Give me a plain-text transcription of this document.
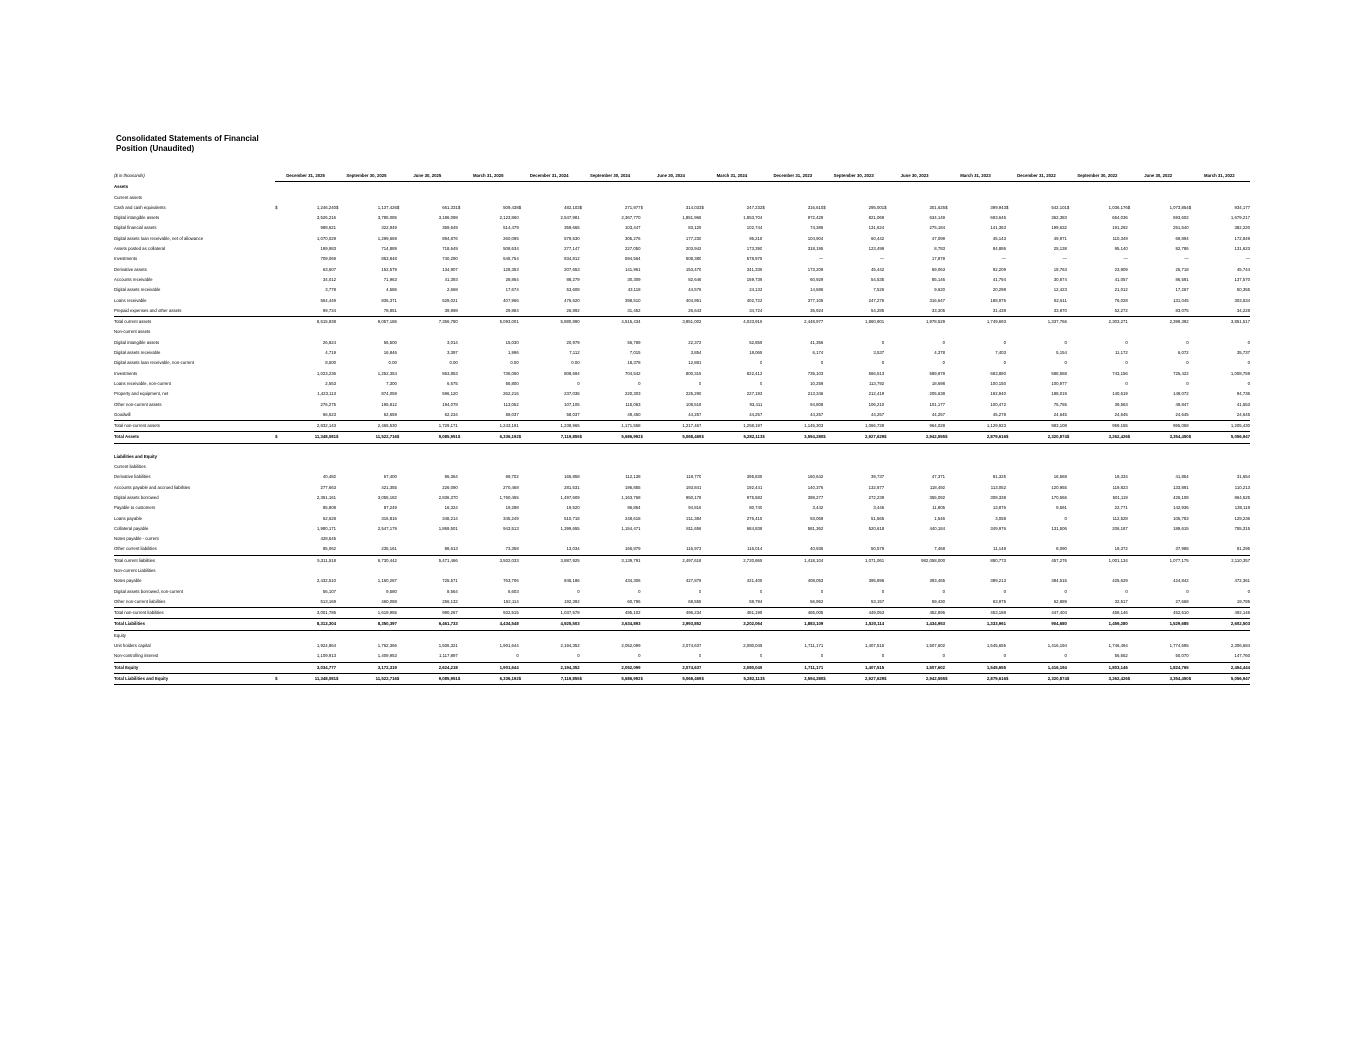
Consolidated Statements of Financial Position (Unaudited)
($ in thousands)	December 31, 2025		September 30, 2025		June 30, 2025		March 31, 2025		December 31, 2024		September 30, 2024		June 30, 2024		March 31, 2024		December 31, 2023		September 30, 2023		June 30, 2023		March 31, 2023		December 31, 2022		September 30, 2022		June 30, 2022		March 31, 2022	
Assets																																
Current assets																																
Cash and cash equivalents	$	1,246,240	$	1,137,426	$	661,331	$	509,438	$	482,103	$	271,977	$	314,033	$	247,232	$	316,610	$	295,001	$	301,625	$	399,943	$	542,101	$	1,036,176	$	1,073,854	$	934,177
Digital intangible assets		3,526,216		3,785,085		3,186,098		2,123,860		2,547,981		2,367,770		1,851,966		1,853,704		972,429		821,069		634,149		693,645		362,383		654,036		693,602		1,679,217
Digital financial assets		988,621		322,949		369,649		514,479		359,665		103,447		83,125		102,744		74,386		131,624		275,184		141,363		199,632		191,292		251,540		382,220
Digital assets loan receivable, net of allowance		1,070,029		1,299,669		894,876		260,095		579,530		305,276		177,230		95,218		104,904		60,442		47,099		45,143		49,971		110,349		69,894		172,849
Assets posted as collateral		199,983		714,889		718,649		508,634		277,147		227,050		203,942		173,390		318,195		123,499		8,783		84,886		25,138		95,140		82,786		131,623
Investments		709,069		853,848		740,290		545,754		834,812		594,564		508,380		578,975		—		—		17,878		—		—		—		—		—
Derivative assets		63,607		152,579		134,907		128,353		207,653		141,961		153,470		341,336		173,209		45,442		69,063		92,209		18,763		23,909		25,718		45,744
Accounts receivable		34,012		71,963		41,393		28,864		88,279		30,309		82,646		169,739		60,929		54,535		85,146		41,794		30,874		41,057		86,591		137,570
Digital assets receivable		3,778		4,586		2,668		17,674		53,608		43,118		44,576		24,132		14,686		7,526		9,620		20,298		12,423		21,012		17,267		50,355
Loans receivable		554,449		835,371		529,021		407,966		476,620		398,510		404,951		402,722		377,105		247,276		316,647		188,976		82,611		76,028		131,045		303,534
Prepaid expenses and other assets		99,734		78,851		39,898		29,884		26,892		31,452		26,643		34,724		36,924		54,285		33,305		31,438		33,870		52,272		83,075		34,228
Total current assets		8,515,938		9,057,186		7,356,780		5,093,001		5,880,890		4,515,434		3,851,002		4,023,916		2,448,977		1,860,901		1,978,529		1,749,693		1,337,766		2,303,271		2,399,392		3,851,517
Non-current assets																																
Digital intangible assets		26,824		56,500		3,014		15,030		20,979		56,789		22,372		52,859		41,356		0		0		0		0		0		0		0
Digital assets receivable		4,719		16,846		3,397		1,996		7,112		7,015		3,854		18,065		6,174		3,537		4,378		7,403		5,154		11,172		6,072		35,737
Digital assets loan receivable, non-current		8,500		0.00		0.00		0.00		0.00		18,378		12,881		0		0		0		0		0		0		0		0		0
Investments		1,023,236		1,252,354		863,853		736,060		808,694		704,542		800,315		822,412		735,103		566,513		589,878		683,880		588,558		743,156		725,422		1,008,759
Loans receivable, non-current		2,553		7,300		6,675		56,800		0		0		0		0		10,259		113,792		18,698		100,150		100,977		0		0		0
Property and equipment, net		1,423,113		874,059		596,120		262,216		237,036		220,303		225,290		227,193		213,346		212,419		205,638		192,940		188,019		140,619		149,072		94,736
Other non-current assets		276,275		195,812		194,078		113,052		107,105		115,063		108,518		93,411		94,808		106,210		101,177		100,472		75,755		39,563		49,847		41,553
Goodwill		66,523		62,659		62,234		58,037		58,037		49,450		44,257		44,257		44,257		44,257		44,257		45,278		24,645		24,645		24,645		24,645
Total non-current assets		2,832,143		2,465,530		1,729,171		1,243,191		1,238,965		1,171,558		1,217,467		1,258,197		1,145,303		1,066,728		964,028		1,129,923		983,108		959,155		955,058		1,205,430
Total Assets	$	11,348,081	$	11,522,716	$	9,085,951	$	6,336,192	$	7,119,855	$	5,686,992	$	5,068,469	$	5,282,113	$	3,594,280	$	2,927,629	$	2,942,555	$	2,879,616	$	2,320,874	$	3,262,426	$	3,354,450	$	5,056,947

Liabilities and Equity																																
Current liabilities																																
Derivative liabilities		40,482		67,400		86,364		69,702		165,858		112,138		118,770		395,835		160,642		39,737		47,371		81,325		16,568		19,334		41,854		31,654
Accounts payable and accrued liabilities		277,663		421,355		226,090		270,468		281,531		196,855		193,841		192,441		140,376		132,877		118,492		113,052		120,955		119,823		133,891		110,213
Digital assets borrowed		2,361,161		3,055,182		2,836,370		1,760,455		1,497,609		1,163,768		950,178		975,582		398,277		272,239		355,092		308,338		170,566		501,119		425,108		864,525
Payable to customers		85,808		87,249		16,324		19,288		19,520		96,864		94,816		80,740		3,442		3,446		11,805		13,876		9,591		22,771		142,936		138,119
Loans payable		52,628		316,816		348,214		345,249		510,718		248,618		211,384		276,415		93,069		51,565		1,546		3,058		0		112,528		105,783		129,236
Collateral payable		1,980,171		2,547,179		1,869,501		943,513		1,399,655		1,154,471		811,656		684,838		581,362		520,618		440,184		349,976		131,506		206,187		189,615		755,315
Notes payable - current		428,545																														
Other current liabilities		85,062		235,161		88,613		73,358		13,034		166,879		116,973		116,014		40,936		50,579		7,468		11,148		8,090		19,372		37,988		81,295
Total current liabilities		5,311,518		6,730,442		5,471,466		3,502,033		3,887,925		3,139,791		2,497,618		2,720,865		1,418,104		1,071,061		982,058,000		880,773		457,276		1,001,134		1,077,175		2,110,357
Non-current Liabilities																																
Notes payable		2,432,510		1,160,287		725,571		763,706		845,186		434,306		427,879		421,405		408,053		395,896		393,465		389,213		384,515		425,629		424,842		472,361
Digital assets borrowed, non-current		56,107		9,580		8,564		6,603		0		0		0		0		0		0		0		0		0		0		0		0
Other non-current liabilities		513,169		460,088		256,132		162,114		192,392		60,796		68,555		59,794		56,952		53,157		59,430		63,975		62,889		32,517		27,668		19,785
Total non-current liabilities		3,001,786		1,619,955		990,267		932,515		1,037,578		495,102		496,234		481,199		465,005		449,053		452,895		453,188		447,404		458,146		452,510		492,146
Total Liabilities		8,313,304		8,350,397		6,461,733		4,434,548		4,925,503		3,634,893		2,993,852		3,202,064		1,883,109		1,520,114		1,434,953		1,333,961		904,680		1,459,280		1,529,685		2,602,503
Equity																																
Unit holders capital		1,924,864		1,762,366		1,506,321		1,901,644		2,194,352		2,052,099		2,074,637		2,080,049		1,711,171		1,407,515		1,507,602		1,545,655		1,416,194		1,746,494		1,774,695		2,306,684
Non-controlling interest		1,109,913		1,409,953		1,117,897		0		0		0		0		0		0		0		0		0		0		56,652		50,070		147,760
Total Equity		3,034,777		3,172,319		2,624,218		1,901,644		2,194,352		2,052,099		2,074,637		2,080,049		1,711,171		1,407,515		1,507,602		1,545,655		1,416,194		1,803,146		1,824,765		2,454,444
Total Liabilities and Equity	$	11,348,081	$	11,522,716	$	9,085,951	$	6,336,192	$	7,119,855	$	5,686,992	$	5,068,469	$	5,282,113	$	3,594,280	$	2,927,629	$	2,942,555	$	2,879,616	$	2,320,874	$	3,262,426	$	3,354,450	$	5,056,947
